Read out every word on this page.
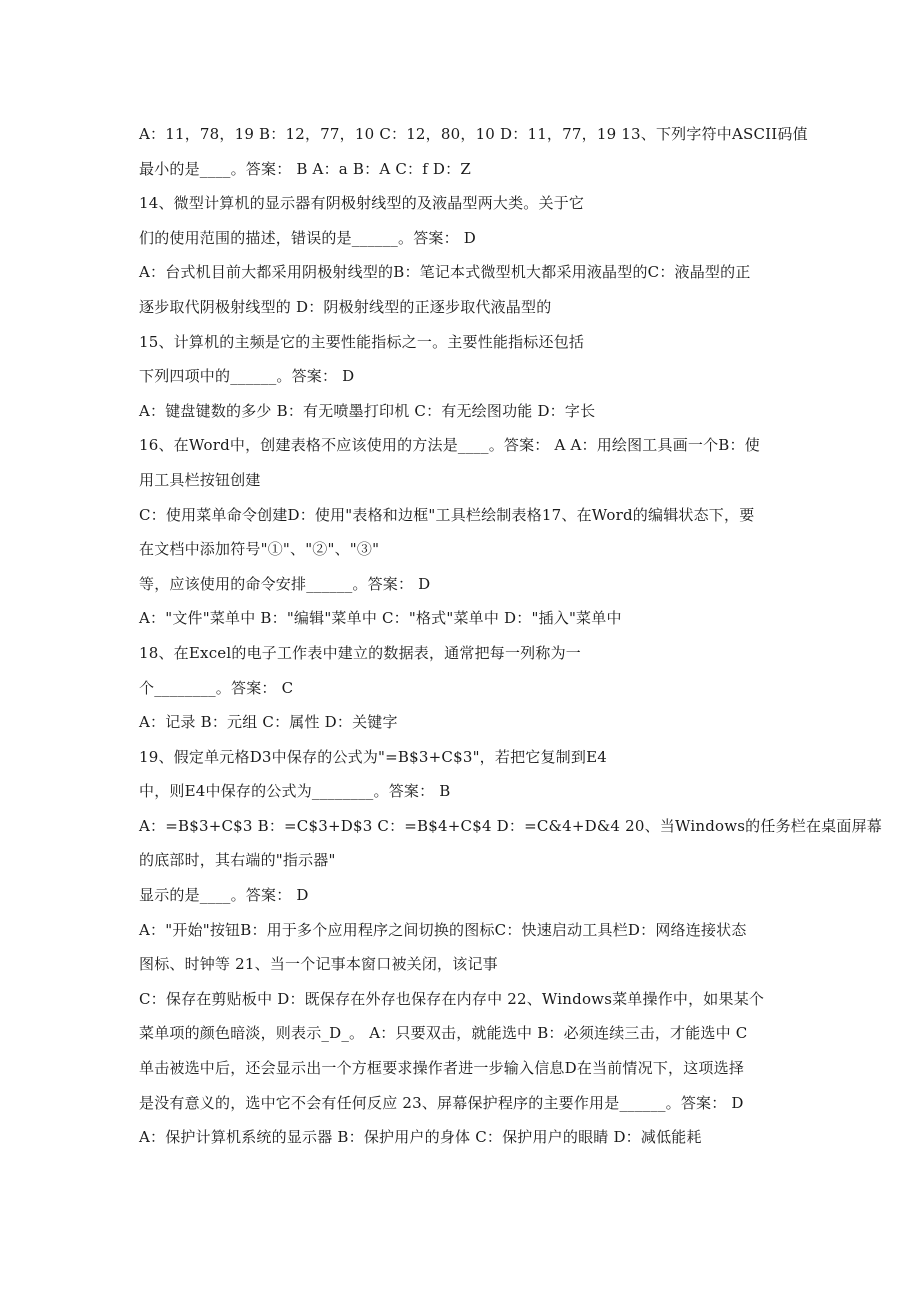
A：11，78，19 B：12，77，10 C：12，80，10 D：11，77，19 13、下列字符中ASCII码值
最小的是____。答案： B A：a B：A C：f D：Z
14、微型计算机的显示器有阴极射线型的及液晶型两大类。关于它
们的使用范围的描述，错误的是______。答案： D
A：台式机目前大都采用阴极射线型的B：笔记本式微型机大都采用液晶型的C：液晶型的正
逐步取代阴极射线型的 D：阴极射线型的正逐步取代液晶型的
15、计算机的主频是它的主要性能指标之一。主要性能指标还包括
下列四项中的______。答案： D
A：键盘键数的多少 B：有无喷墨打印机 C：有无绘图功能 D：字长
16、在Word中，创建表格不应该使用的方法是____。答案： A A：用绘图工具画一个B：使
用工具栏按钮创建
C：使用菜单命令创建D：使用"表格和边框"工具栏绘制表格17、在Word的编辑状态下，要
在文档中添加符号"①"、"②"、"③"
等，应该使用的命令安排______。答案： D
A："文件"菜单中 B："编辑"菜单中 C："格式"菜单中 D："插入"菜单中
18、在Excel的电子工作表中建立的数据表，通常把每一列称为一
个________。答案： C
A：记录 B：元组 C：属性 D：关键字
19、假定单元格D3中保存的公式为"=B$3+C$3"，若把它复制到E4
中，则E4中保存的公式为________。答案： B
A：=B$3+C$3 B：=C$3+D$3 C：=B$4+C$4 D：=C&4+D&4 20、当Windows的任务栏在桌面屏幕
的底部时，其右端的"指示器"
显示的是____。答案： D
A："开始"按钮B：用于多个应用程序之间切换的图标C：快速启动工具栏D：网络连接状态
图标、时钟等 21、当一个记事本窗口被关闭，该记事
C：保存在剪贴板中 D：既保存在外存也保存在内存中 22、Windows菜单操作中，如果某个
菜单项的颜色暗淡，则表示_D_。 A：只要双击，就能选中 B：必须连续三击，才能选中 C
单击被选中后，还会显示出一个方框要求操作者进一步输入信息D在当前情况下，这项选择
是没有意义的，选中它不会有任何反应 23、屏幕保护程序的主要作用是______。答案： D
A：保护计算机系统的显示器 B：保护用户的身体 C：保护用户的眼睛 D：减低能耗
